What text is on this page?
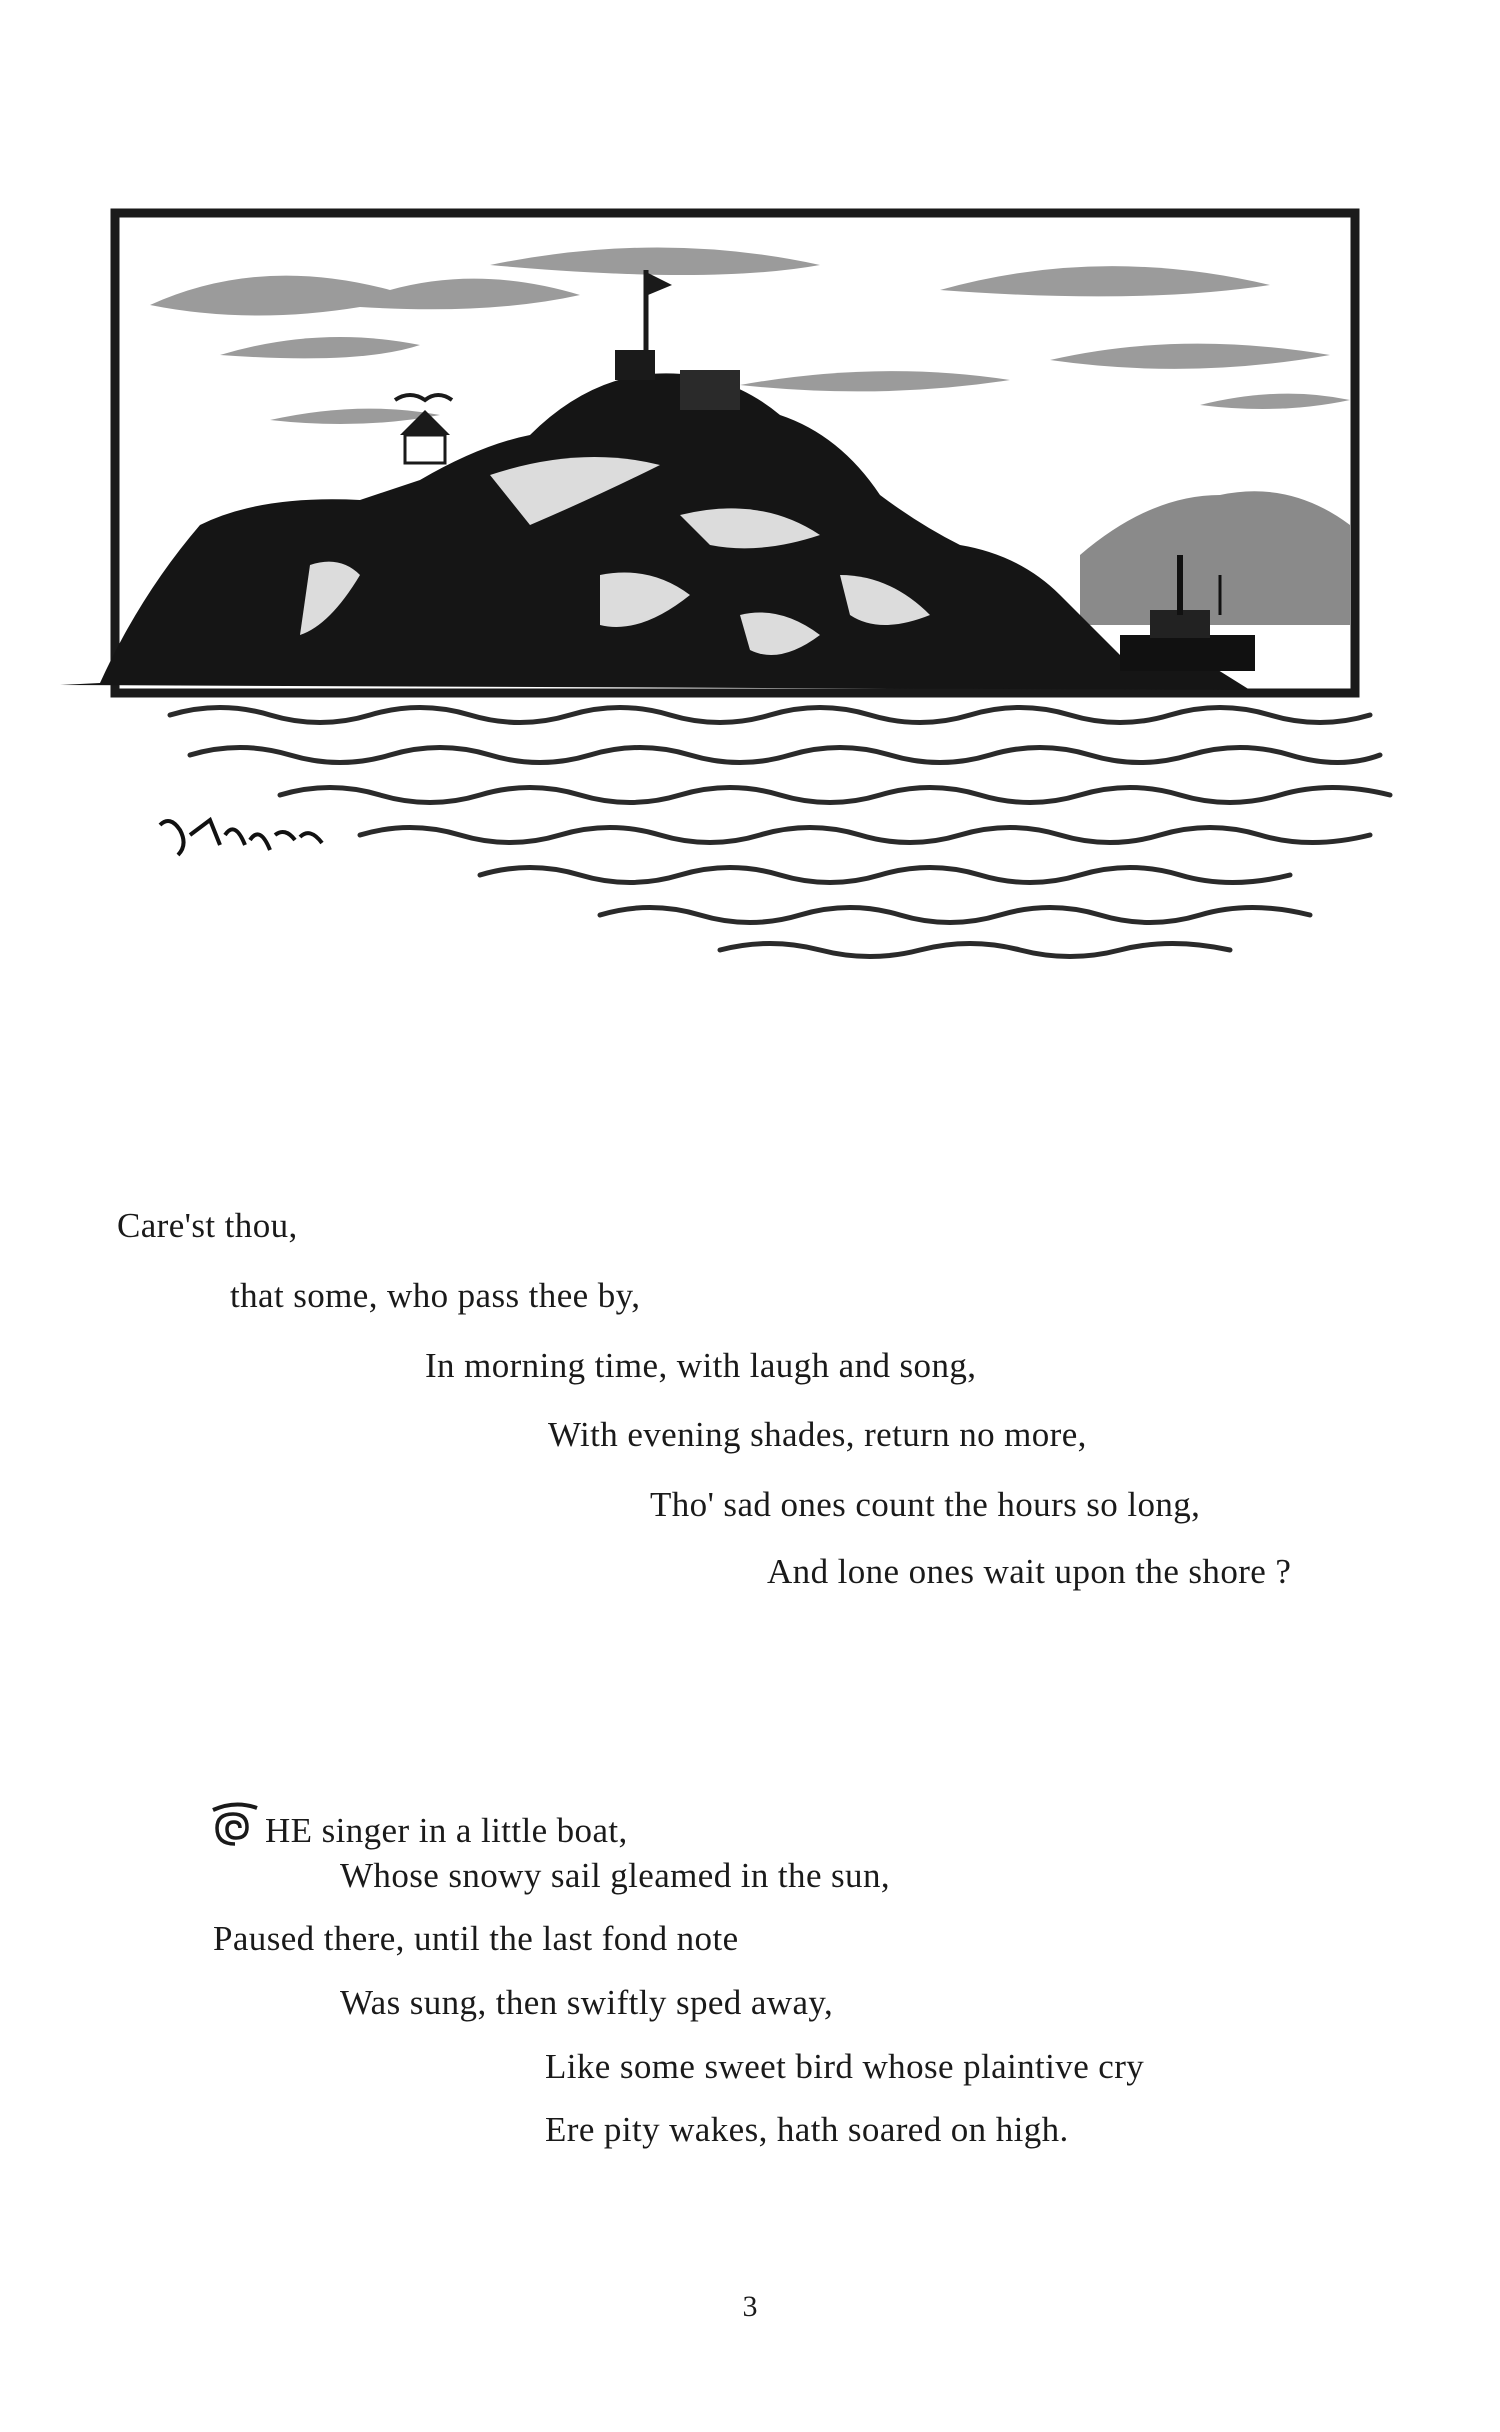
Care'st thou,
that some, who pass thee by,
In morning time, with laugh and song,
With evening shades, return no more,
Tho' sad ones count the hours so long,
And lone ones wait upon the shore ?
HE singer in a little boat,
Whose snowy sail gleamed in the sun,
Paused there, until the last fond note
Was sung, then swiftly sped away,
Like some sweet bird whose plaintive cry
Ere pity wakes, hath soared on high.
3
